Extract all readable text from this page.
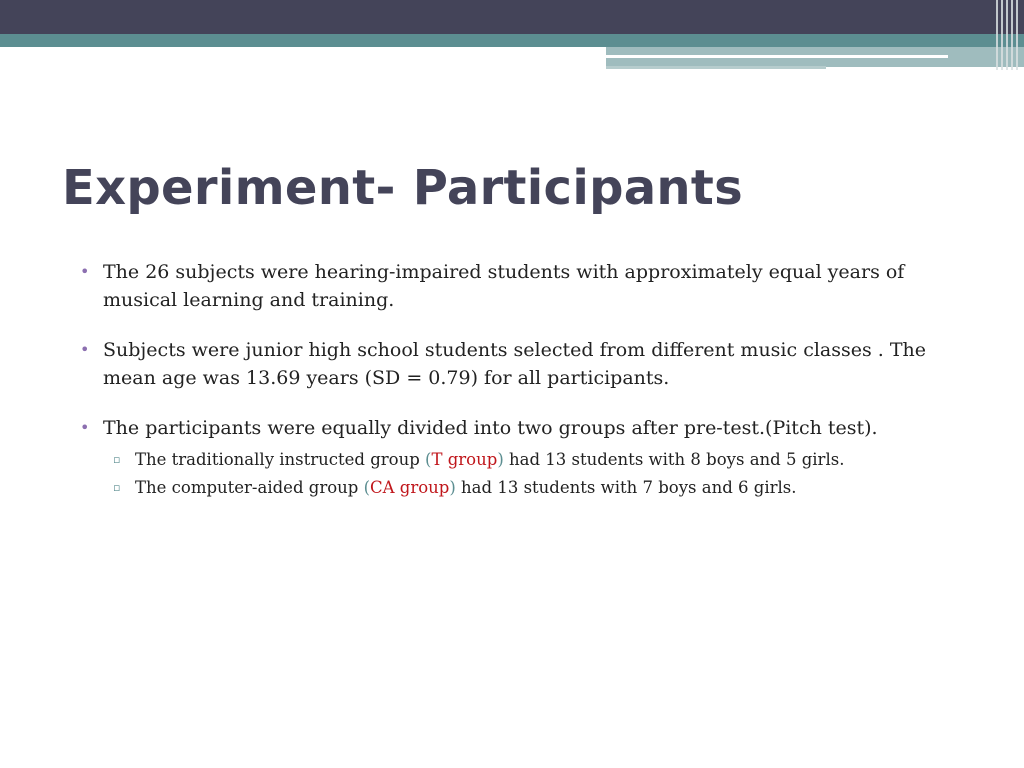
Experiment- Participants
• The 26 subjects were hearing-impaired students with approximately equal years of musical learning and training.
• Subjects were junior high school students selected from different music classes . The mean age was 13.69 years (SD = 0.79) for all participants.
• The participants were equally divided into two groups after pre-test.(Pitch test).
▫ The traditionally instructed group (T group) had 13 students with 8 boys and 5 girls.
▫ The computer-aided group (CA group) had 13 students with 7 boys and 6 girls.
